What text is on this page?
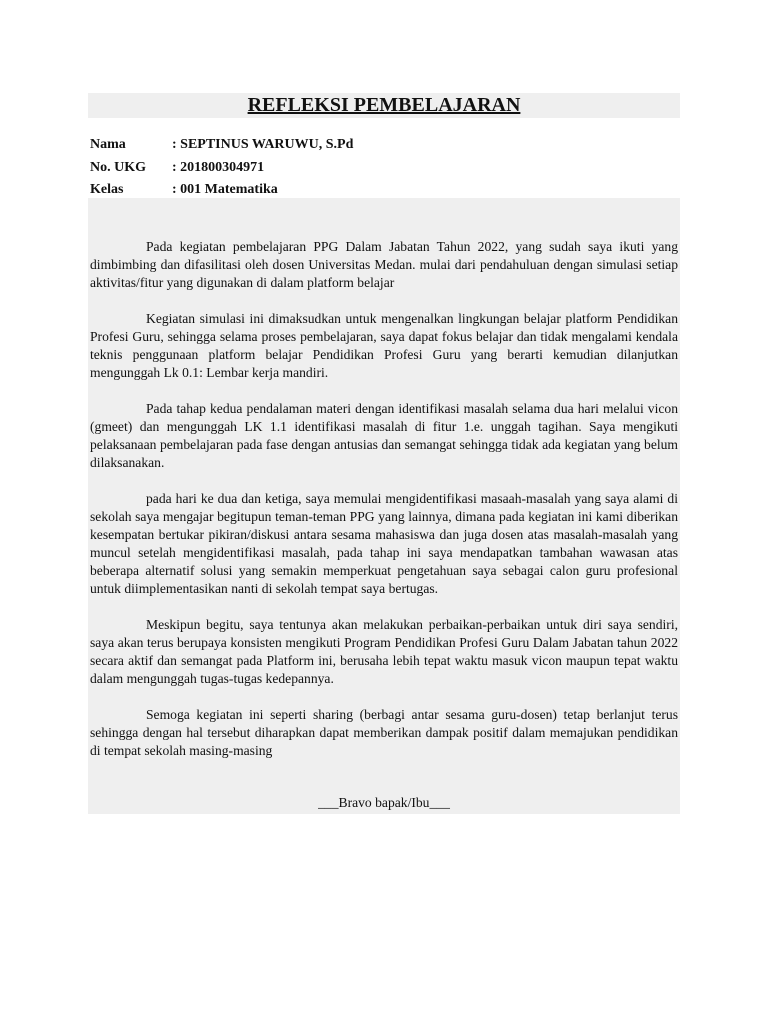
REFLEKSI PEMBELAJARAN
Nama	: SEPTINUS WARUWU, S.Pd
No. UKG	: 201800304971
Kelas	: 001 Matematika

Pada kegiatan pembelajaran PPG Dalam Jabatan Tahun 2022, yang sudah saya ikuti yang dimbimbing dan difasilitasi oleh dosen Universitas Medan. mulai dari pendahuluan dengan simulasi setiap aktivitas/fitur yang digunakan di dalam platform belajar

Kegiatan simulasi ini dimaksudkan untuk mengenalkan lingkungan belajar platform Pendidikan Profesi Guru, sehingga selama proses pembelajaran, saya dapat fokus belajar dan tidak mengalami kendala teknis penggunaan platform belajar Pendidikan Profesi Guru yang berarti kemudian dilanjutkan mengunggah Lk 0.1: Lembar kerja mandiri.

Pada tahap kedua pendalaman materi dengan identifikasi masalah selama dua hari melalui vicon (gmeet) dan mengunggah LK 1.1 identifikasi masalah di fitur 1.e. unggah tagihan. Saya mengikuti pelaksanaan pembelajaran pada fase dengan antusias dan semangat sehingga tidak ada kegiatan yang belum dilaksanakan.

pada hari ke dua dan ketiga, saya memulai mengidentifikasi masaah-masalah yang saya alami di sekolah saya mengajar begitupun teman-teman PPG yang lainnya, dimana pada kegiatan ini kami diberikan kesempatan bertukar pikiran/diskusi antara sesama mahasiswa dan juga dosen atas masalah-masalah yang muncul setelah mengidentifikasi masalah, pada tahap ini saya mendapatkan tambahan wawasan atas beberapa alternatif solusi yang semakin memperkuat pengetahuan saya sebagai calon guru profesional untuk diimplementasikan nanti di sekolah tempat saya bertugas.

Meskipun begitu, saya tentunya akan melakukan perbaikan-perbaikan untuk diri saya sendiri, saya akan terus berupaya konsisten mengikuti Program Pendidikan Profesi Guru Dalam Jabatan tahun 2022 secara aktif dan semangat pada Platform ini, berusaha lebih tepat waktu masuk vicon maupun tepat waktu dalam mengunggah tugas-tugas kedepannya.

Semoga kegiatan ini seperti sharing (berbagi antar sesama guru-dosen) tetap berlanjut terus sehingga dengan hal tersebut diharapkan dapat memberikan dampak positif dalam memajukan pendidikan di tempat sekolah masing-masing

___Bravo bapak/Ibu___
